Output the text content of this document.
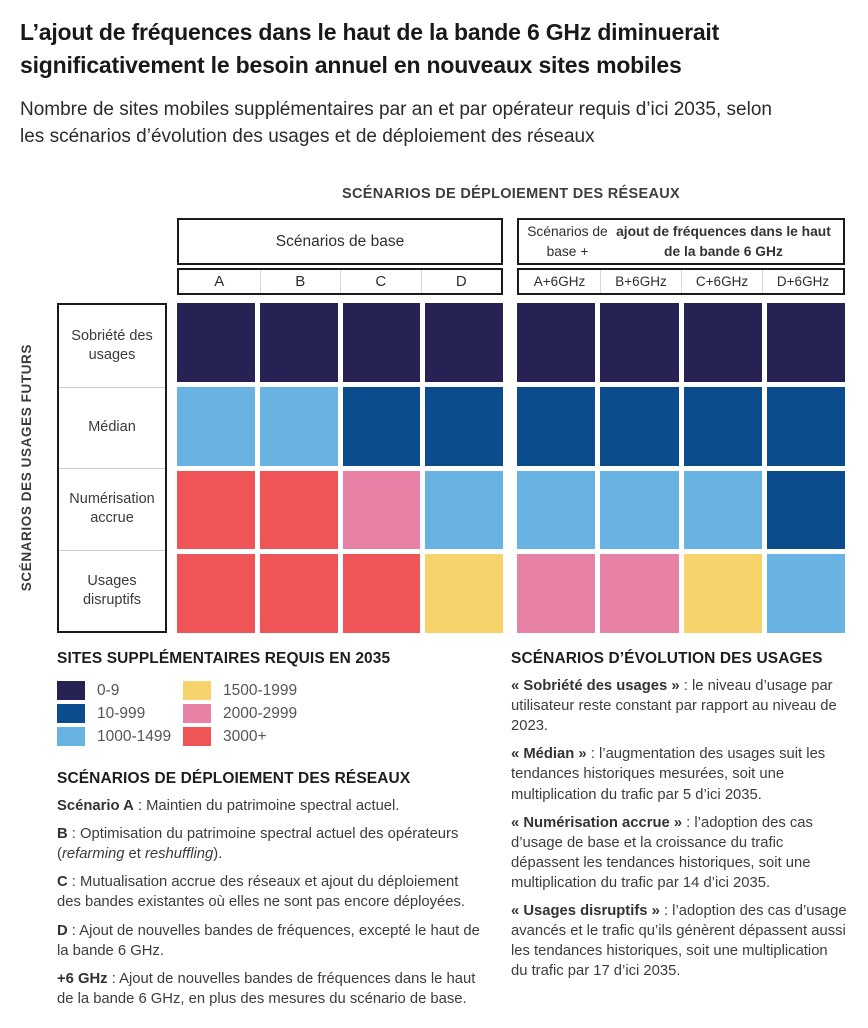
L’ajout de fréquences dans le haut de la bande 6 GHz diminuerait significativement le besoin annuel en nouveaux sites mobiles

Nombre de sites mobiles supplémentaires par an et par opérateur requis d’ici 2035, selon les scénarios d’évolution des usages et de déploiement des réseaux

SCÉNARIOS DE DÉPLOIEMENT DES RÉSEAUX
Scénarios de base
Scénarios de base +
ajout de fréquences dans le haut de la bande 6 GHz
A	B	C	D	A+6GHz	B+6GHz	C+6GHz	D+6GHz
SCÉNARIOS DES USAGES FUTURS
Sobriété des usages
Médian
Numérisation accrue
Usages disruptifs
SITES SUPPLÉMENTAIRES REQUIS EN 2035
0-9
10-999
1000-1499
1500-1999
2000-2999
3000+
SCÉNARIOS DE DÉPLOIEMENT DES RÉSEAUX

Scénario A : Maintien du patrimoine spectral actuel.

B : Optimisation du patrimoine spectral actuel des opérateurs (refarming et reshuffling).

C : Mutualisation accrue des réseaux et ajout du déploiement des bandes existantes où elles ne sont pas encore déployées.

D : Ajout de nouvelles bandes de fréquences, excepté le haut de la bande 6 GHz.

+6 GHz : Ajout de nouvelles bandes de fréquences dans le haut de la bande 6 GHz, en plus des mesures du scénario de base.

SCÉNARIOS D’ÉVOLUTION DES USAGES

« Sobriété des usages » : le niveau d’usage par utilisateur reste constant par rapport au niveau de 2023.

« Médian » : l’augmentation des usages suit les tendances historiques mesurées, soit une multiplication du trafic par 5 d’ici 2035.

« Numérisation accrue » : l’adoption des cas d’usage de base et la croissance du trafic dépassent les tendances historiques, soit une multiplication du trafic par 14 d’ici 2035.

« Usages disruptifs » : l’adoption des cas d’usage avancés et le trafic qu’ils génèrent dépassent aussi les tendances historiques, soit une multiplication du trafic par 17 d’ici 2035.
